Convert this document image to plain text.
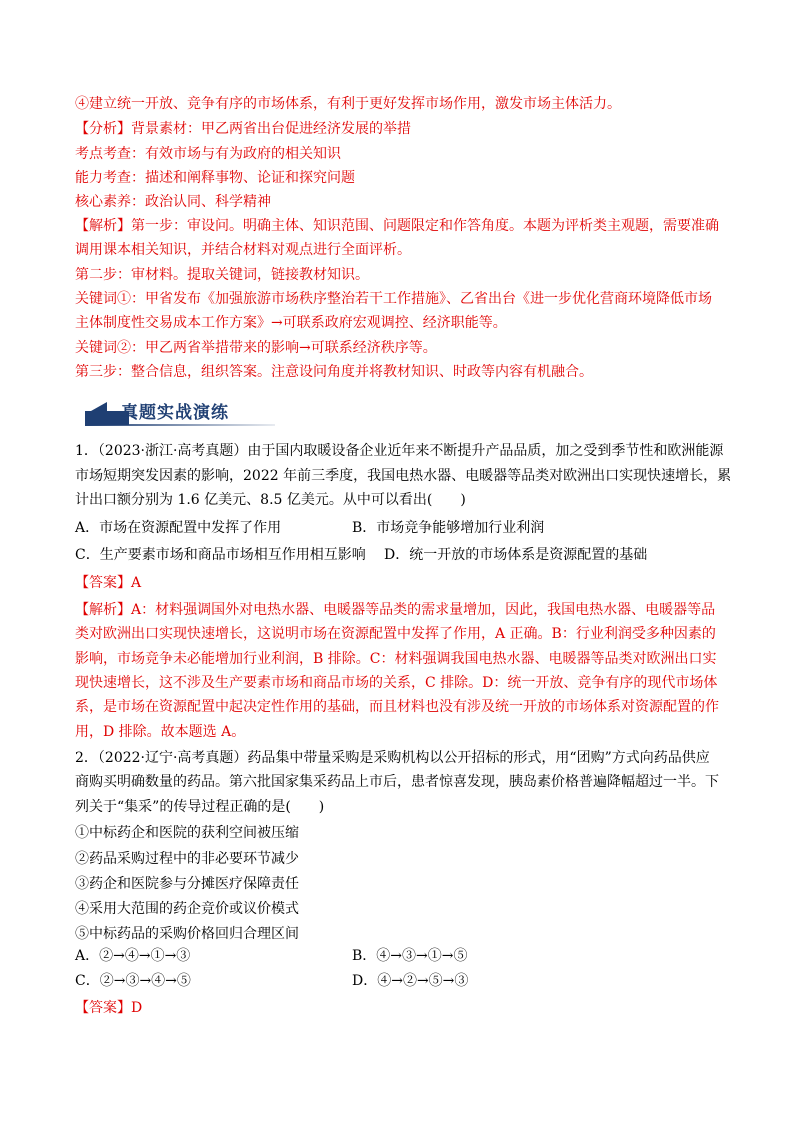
④建立统一开放、竞争有序的市场体系，有利于更好发挥市场作用，激发市场主体活力。
【分析】背景素材：甲乙两省出台促进经济发展的举措
考点考查：有效市场与有为政府的相关知识
能力考查：描述和阐释事物、论证和探究问题
核心素养：政治认同、科学精神
【解析】第一步：审设问。明确主体、知识范围、问题限定和作答角度。本题为评析类主观题，需要准确
调用课本相关知识，并结合材料对观点进行全面评析。
第二步：审材料。提取关键词，链接教材知识。
关键词①：甲省发布《加强旅游市场秩序整治若干工作措施》、乙省出台《进一步优化营商环境降低市场
主体制度性交易成本工作方案》→可联系政府宏观调控、经济职能等。
关键词②：甲乙两省举措带来的影响→可联系经济秩序等。
第三步：整合信息，组织答案。注意设问角度并将教材知识、时政等内容有机融合。
真题实战演练
1．（2023·浙江·高考真题）由于国内取暖设备企业近年来不断提升产品品质，加之受到季节性和欧洲能源
市场短期突发因素的影响，2022 年前三季度，我国电热水器、电暖器等品类对欧洲出口实现快速增长，累
计出口额分别为 1.6 亿美元、8.5 亿美元。从中可以看出(　　)
A．市场在资源配置中发挥了作用	B．市场竞争能够增加行业利润
C．生产要素市场和商品市场相互作用相互影响 D．统一开放的市场体系是资源配置的基础
【答案】A
【解析】A：材料强调国外对电热水器、电暖器等品类的需求量增加，因此，我国电热水器、电暖器等品
类对欧洲出口实现快速增长，这说明市场在资源配置中发挥了作用，A 正确。B：行业利润受多种因素的
影响，市场竞争未必能增加行业利润，B 排除。C：材料强调我国电热水器、电暖器等品类对欧洲出口实
现快速增长，这不涉及生产要素市场和商品市场的关系，C 排除。D：统一开放、竞争有序的现代市场体
系，是市场在资源配置中起决定性作用的基础，而且材料也没有涉及统一开放的市场体系对资源配置的作
用，D 排除。故本题选 A。
2．（2022·辽宁·高考真题）药品集中带量采购是采购机构以公开招标的形式，用“团购”方式向药品供应
商购买明确数量的药品。第六批国家集采药品上市后，患者惊喜发现，胰岛素价格普遍降幅超过一半。下
列关于“集采”的传导过程正确的是(　　)
①中标药企和医院的获利空间被压缩
②药品采购过程中的非必要环节减少
③药企和医院参与分摊医疗保障责任
④采用大范围的药企竞价或议价模式
⑤中标药品的采购价格回归合理区间
A．②→④→①→③	B．④→③→①→⑤
C．②→③→④→⑤	D．④→②→⑤→③
【答案】D
